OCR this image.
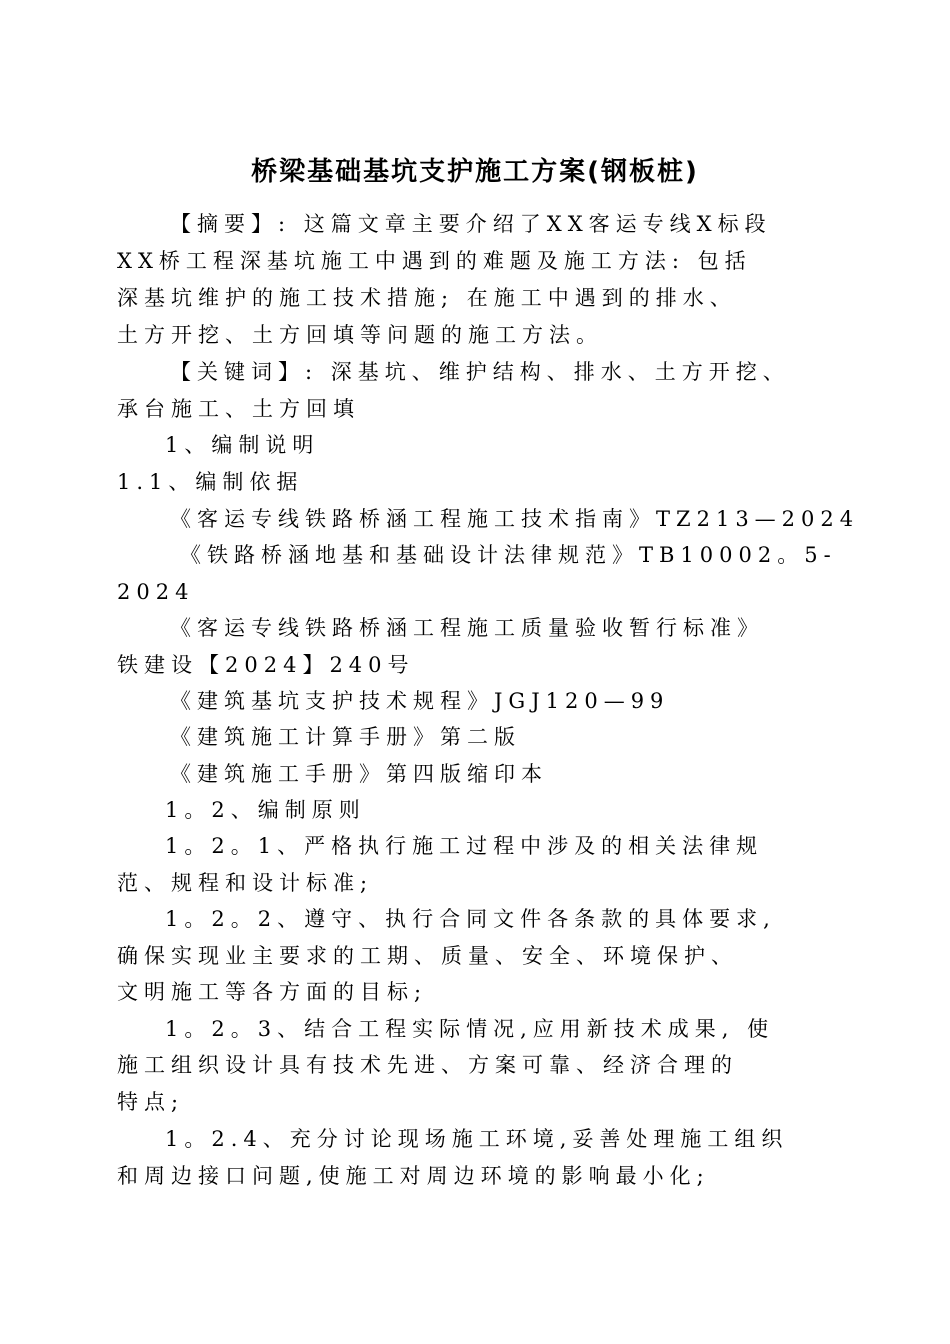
桥梁基础基坑支护施工方案(钢板桩)
【摘要】: 这篇文章主要介绍了XX客运专线X标段
XX桥工程深基坑施工中遇到的难题及施工方法: 包括
深基坑维护的施工技术措施; 在施工中遇到的排水、
土方开挖、土方回填等问题的施工方法。
【关键词】: 深基坑、维护结构、排水、土方开挖、
承台施工、土方回填
1、编制说明
1.1、编制依据
《客运专线铁路桥涵工程施工技术指南》TZ213—2024
《铁路桥涵地基和基础设计法律规范》TB10002。5-
2024
《客运专线铁路桥涵工程施工质量验收暂行标准》
铁建设【2024】240号
《建筑基坑支护技术规程》JGJ120—99
《建筑施工计算手册》第二版
《建筑施工手册》第四版缩印本
1。2、编制原则
1。2。1、严格执行施工过程中涉及的相关法律规
范、规程和设计标准;
1。2。2、遵守、执行合同文件各条款的具体要求,
确保实现业主要求的工期、质量、安全、环境保护、
文明施工等各方面的目标;
1。2。3、结合工程实际情况,应用新技术成果, 使
施工组织设计具有技术先进、方案可靠、经济合理的
特点;
1。2.4、充分讨论现场施工环境,妥善处理施工组织
和周边接口问题,使施工对周边环境的影响最小化;
